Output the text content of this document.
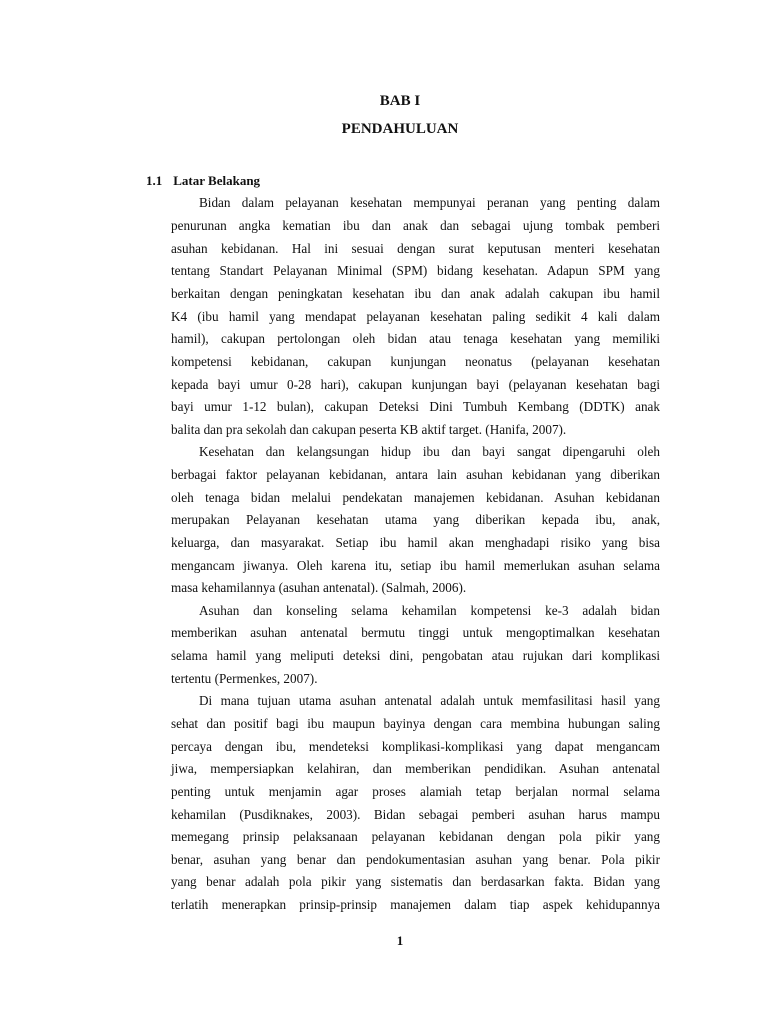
BAB I
PENDAHULUAN
1.1 Latar Belakang
Bidan dalam pelayanan kesehatan mempunyai peranan yang penting dalam
penurunan angka kematian ibu dan anak dan sebagai ujung tombak pemberi
asuhan kebidanan. Hal ini sesuai dengan surat keputusan menteri kesehatan
tentang Standart Pelayanan Minimal (SPM) bidang kesehatan. Adapun SPM yang
berkaitan dengan peningkatan kesehatan ibu dan anak adalah cakupan ibu hamil
K4 (ibu hamil yang mendapat pelayanan kesehatan paling sedikit 4 kali dalam
hamil), cakupan pertolongan oleh bidan atau tenaga kesehatan yang memiliki
kompetensi kebidanan, cakupan kunjungan neonatus (pelayanan kesehatan
kepada bayi umur 0-28 hari), cakupan kunjungan bayi (pelayanan kesehatan bagi
bayi umur 1-12 bulan), cakupan Deteksi Dini Tumbuh Kembang (DDTK) anak
balita dan pra sekolah dan cakupan peserta KB aktif target. (Hanifa, 2007).
Kesehatan dan kelangsungan hidup ibu dan bayi sangat dipengaruhi oleh
berbagai faktor pelayanan kebidanan, antara lain asuhan kebidanan yang diberikan
oleh tenaga bidan melalui pendekatan manajemen kebidanan. Asuhan kebidanan
merupakan Pelayanan kesehatan utama yang diberikan kepada ibu, anak,
keluarga, dan masyarakat. Setiap ibu hamil akan menghadapi risiko yang bisa
mengancam jiwanya. Oleh karena itu, setiap ibu hamil memerlukan asuhan selama
masa kehamilannya (asuhan antenatal). (Salmah, 2006).
Asuhan dan konseling selama kehamilan kompetensi ke-3 adalah bidan
memberikan asuhan antenatal bermutu tinggi untuk mengoptimalkan kesehatan
selama hamil yang meliputi deteksi dini, pengobatan atau rujukan dari komplikasi
tertentu (Permenkes, 2007).
Di mana tujuan utama asuhan antenatal adalah untuk memfasilitasi hasil yang
sehat dan positif bagi ibu maupun bayinya dengan cara membina hubungan saling
percaya dengan ibu, mendeteksi komplikasi-komplikasi yang dapat mengancam
jiwa, mempersiapkan kelahiran, dan memberikan pendidikan. Asuhan antenatal
penting untuk menjamin agar proses alamiah tetap berjalan normal selama
kehamilan (Pusdiknakes, 2003). Bidan sebagai pemberi asuhan harus mampu
memegang prinsip pelaksanaan pelayanan kebidanan dengan pola pikir yang
benar, asuhan yang benar dan pendokumentasian asuhan yang benar. Pola pikir
yang benar adalah pola pikir yang sistematis dan berdasarkan fakta. Bidan yang
terlatih menerapkan prinsip-prinsip manajemen dalam tiap aspek kehidupannya
1
